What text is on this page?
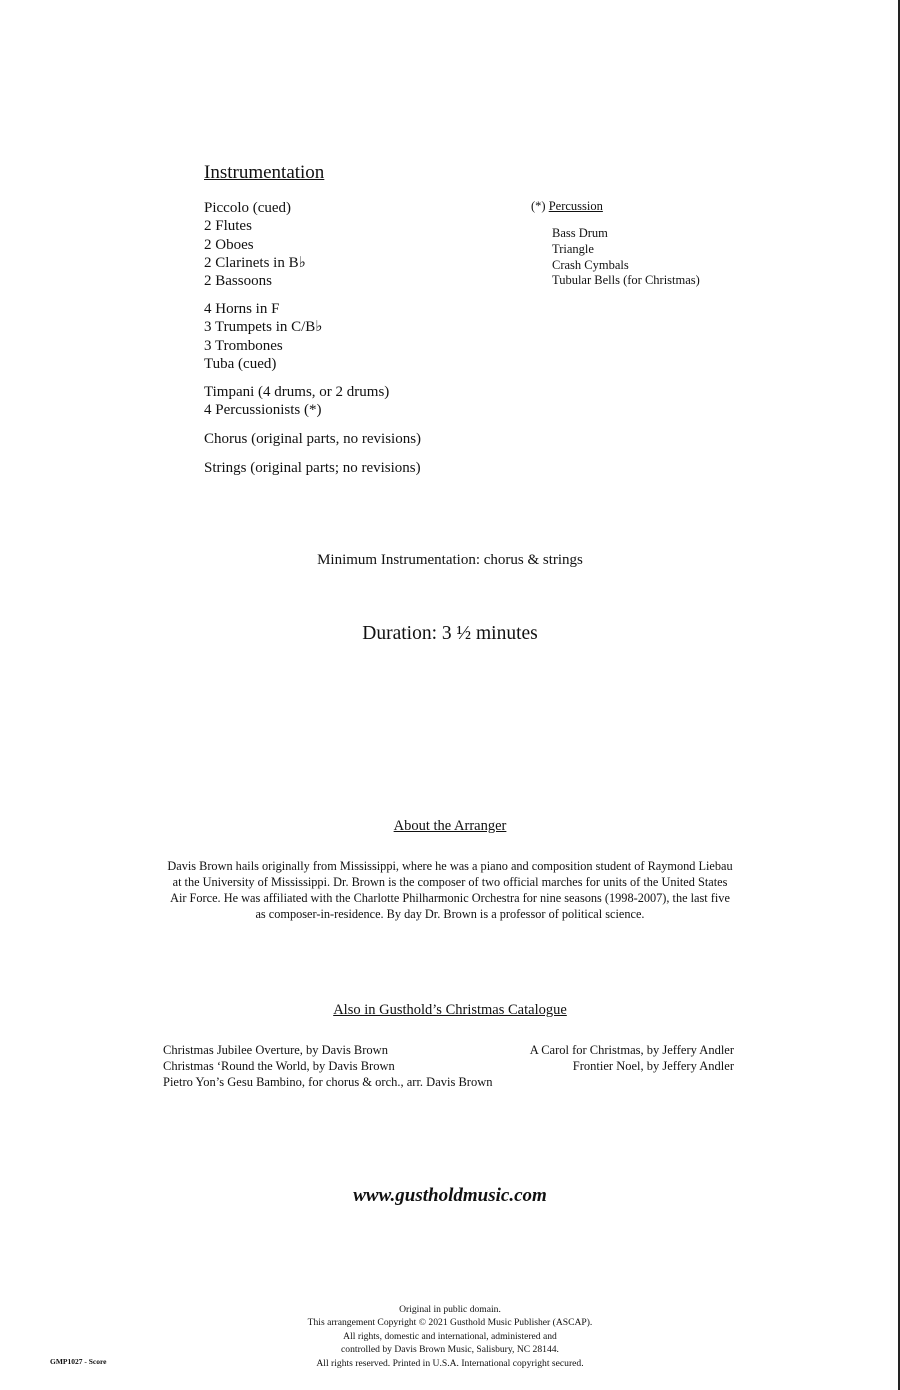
Instrumentation
Piccolo (cued)
2 Flutes
2 Oboes
2 Clarinets in B♭
2 Bassoons
4 Horns in F
3 Trumpets in C/B♭
3 Trombones
Tuba (cued)
Timpani (4 drums, or 2 drums)
4 Percussionists (*)
Chorus (original parts, no revisions)
Strings (original parts; no revisions)
(*) Percussion
Bass Drum
Triangle
Crash Cymbals
Tubular Bells (for Christmas)
Minimum Instrumentation: chorus & strings
Duration: 3 ½ minutes
About the Arranger
Davis Brown hails originally from Mississippi, where he was a piano and composition student of Raymond Liebau
at the University of Mississippi. Dr. Brown is the composer of two official marches for units of the United States
Air Force. He was affiliated with the Charlotte Philharmonic Orchestra for nine seasons (1998-2007), the last five
as composer-in-residence. By day Dr. Brown is a professor of political science.
Also in Gusthold’s Christmas Catalogue
Christmas Jubilee Overture, by Davis Brown
Christmas ‘Round the World, by Davis Brown
Pietro Yon’s Gesu Bambino, for chorus & orch., arr. Davis Brown
A Carol for Christmas, by Jeffery Andler
Frontier Noel, by Jeffery Andler
www.gustholdmusic.com
Original in public domain.
This arrangement Copyright © 2021 Gusthold Music Publisher (ASCAP).
All rights, domestic and international, administered and
controlled by Davis Brown Music, Salisbury, NC 28144.
All rights reserved. Printed in U.S.A. International copyright secured.
GMP1027 - Score
